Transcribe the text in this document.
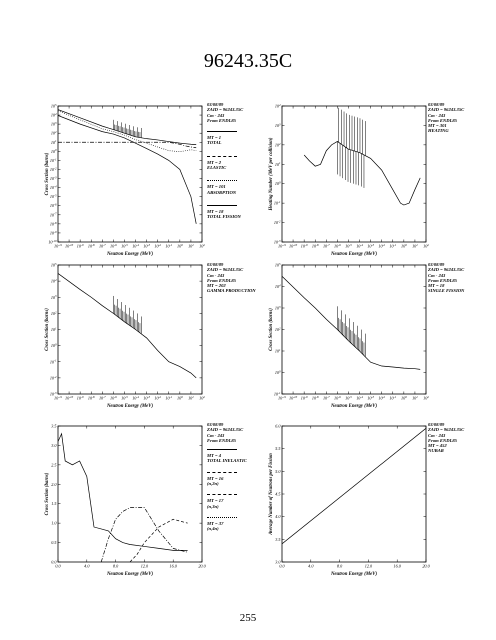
96243.35C
$10^{-11}$ $10^{-10}$ $10^{-9}$ $10^{-8}$ $10^{-7}$ $10^{-6}$ $10^{-5}$ $10^{-4}$ $10^{-3}$ $10^{-2}$ $10^{-1}$ $10^0$ $10^1$ $10^2$
$10^{-10}$
$10^{-9}$
$10^{-8}$
$10^{-7}$
$10^{-6}$
$10^{-5}$
$10^{-4}$
$10^{-3}$
$10^{-2}$
$10^{-1}$
$10^0$
$10^1$
$10^2$
$10^3$
$10^4$
$10^5$
Neutron Energy (MeV)
Cross Section (barns)
03/08/89
ZAID = 96243.35C
Cm - 243
From ENDL85
MT = 1
TOTAL
MT = 2
ELASTIC
MT = 101
ABSORPTION
MT = 18
TOTAL FISSION
$10^{-11}$ $10^{-10}$ $10^{-9}$ $10^{-8}$ $10^{-7}$ $10^{-6}$ $10^{-5}$ $10^{-4}$ $10^{-3}$ $10^{-2}$ $10^{-1}$ $10^0$ $10^1$ $10^2$
$10^{-3}$
$10^{-2}$
$10^{-1}$
$10^0$
$10^1$
$10^2$
$10^3$
$10^4$
Neutron Energy (MeV)
Heating Number (MeV per collision)
03/08/89
ZAID = 96243.35C
Cm - 243
From ENDL85
MT = 301
HEATING
$10^{-11}$ $10^{-10}$ $10^{-9}$ $10^{-8}$ $10^{-7}$ $10^{-6}$ $10^{-5}$ $10^{-4}$ $10^{-3}$ $10^{-2}$ $10^{-1}$ $10^0$ $10^1$ $10^2$
$10^{-3}$
$10^{-2}$
$10^{-1}$
$10^0$
$10^1$
$10^2$
$10^3$
$10^4$
$10^5$
Neutron Energy (MeV)
Cross Section (barns)
03/08/89
ZAID = 96243.35C
Cm - 243
From ENDL85
MT = 202
GAMMA PRODUCTION
$10^{-11}$ $10^{-10}$ $10^{-9}$ $10^{-8}$ $10^{-7}$ $10^{-6}$ $10^{-5}$ $10^{-4}$ $10^{-3}$ $10^{-2}$ $10^{-1}$ $10^0$ $10^1$ $10^2$
$10^{-1}$
$10^0$
$10^1$
$10^2$
$10^3$
$10^4$
$10^5$
Neutron Energy (MeV)
Cross Section (barns)
03/08/89
ZAID = 96243.35C
Cm - 243
From ENDL85
MT = 18
SINGLE FISSION
0.0	4.0	8.0	12.0	16.0	20.0
0.0
0.5
1.0
1.5
2.0
2.5
3.0
3.5
Neutron Energy (MeV)
Cross Section (barns)
03/08/89
ZAID = 96243.35C
Cm - 243
From ENDL85
MT = 4
TOTAL INELASTIC
MT = 16
(n,2n)
MT = 17
(n,3n)
MT = 37
(n,4n)
0.0	4.0	8.0	12.0	16.0	20.0
3.0
3.5
4.0
4.5
5.0
5.5
6.0
Neutron Energy (MeV)
Average Number of Neutrons per Fission
03/08/89
ZAID = 96243.35C
Cm - 243
From ENDL85
MT = 452
NUBAR
255
